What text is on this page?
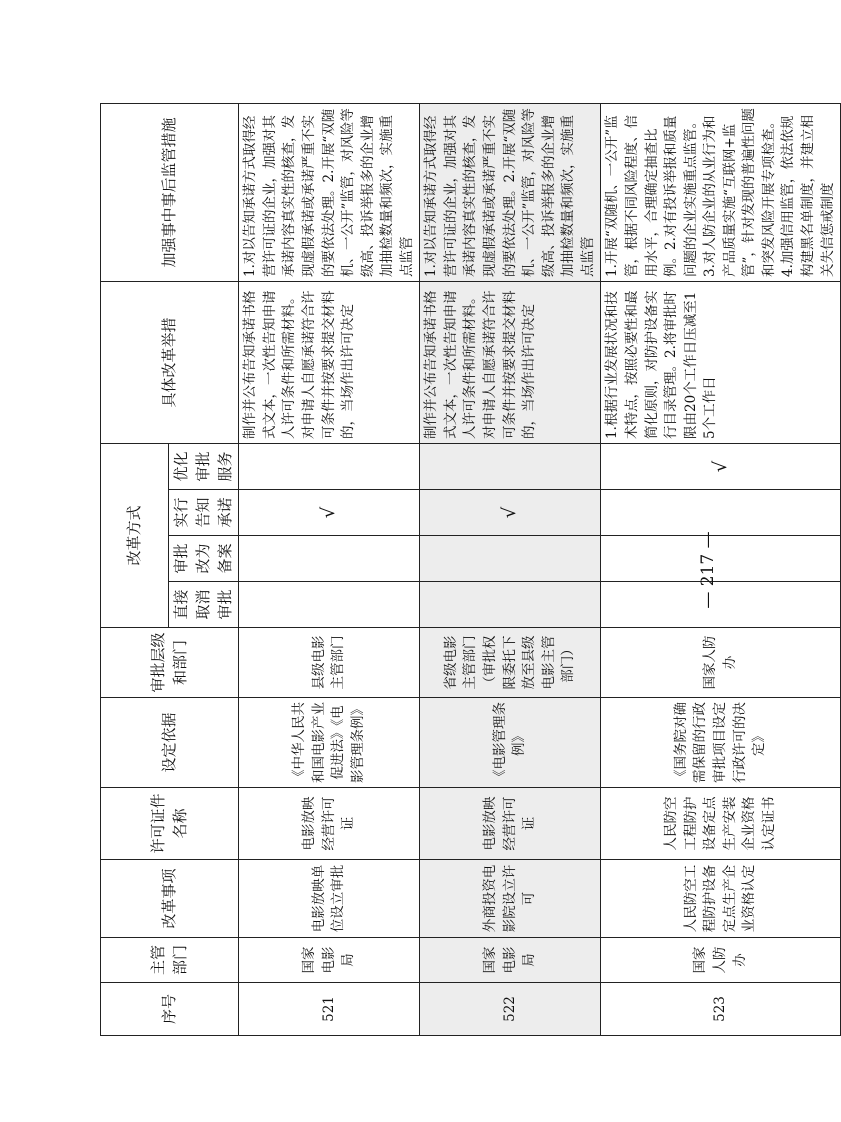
序号	主管部门	改革事项	许可证件名称	设定依据	审批层级和部门	改革方式				具体改革举措	加强事中事后监管措施
						直接取消审批	审批改为备案	实行告知承诺	优化审批服务		
521	国家电影局	电影放映单位设立审批	电影放映经营许可证	《中华人民共和国电影产业促进法》《电影管理条例》	县级电影主管部门			√		制作并公布告知承诺书格式文本，一次性告知申请人许可条件和所需材料。对申请人自愿承诺符合许可条件并按要求提交材料的，当场作出许可决定	1.对以告知承诺方式取得经营许可证的企业，加强对其承诺内容真实性的核查，发现虚假承诺或承诺严重不实的要依法处理。2.开展“双随机、一公开”监管，对风险等级高、投诉举报多的企业增加抽检数量和频次，实施重点监管
522	国家电影局	外商投资电影院设立许可	电影放映经营许可证	《电影管理条例》	省级电影主管部门（审批权限委托下放至县级电影主管部门）			√		制作并公布告知承诺书格式文本，一次性告知申请人许可条件和所需材料。对申请人自愿承诺符合许可条件并按要求提交材料的，当场作出许可决定	1.对以告知承诺方式取得经营许可证的企业，加强对其承诺内容真实性的核查，发现虚假承诺或承诺严重不实的要依法处理。2.开展“双随机、一公开”监管，对风险等级高、投诉举报多的企业增加抽检数量和频次，实施重点监管
523	国家人防办	人民防空工程防护设备定点生产企业资格认定	人民防空工程防护设备定点生产安装企业资格认定证书	《国务院对确需保留的行政审批项目设定行政许可的决定》	国家人防办				√	1.根据行业发展状况和技术特点，按照必要性和最简化原则，对防护设备实行目录管理。2.将审批时限由20个工作日压减至15个工作日	1.开展“双随机、一公开”监管，根据不同风险程度、信用水平，合理确定抽查比例。2.对有投诉举报和质量问题的企业实施重点监管。3.对人防企业的从业行为和产品质量实施“互联网+监管”，针对发现的普遍性问题和突发风险开展专项检查。4.加强信用监管，依法依规构建黑名单制度，并建立相关失信惩戒制度
— 217 —
